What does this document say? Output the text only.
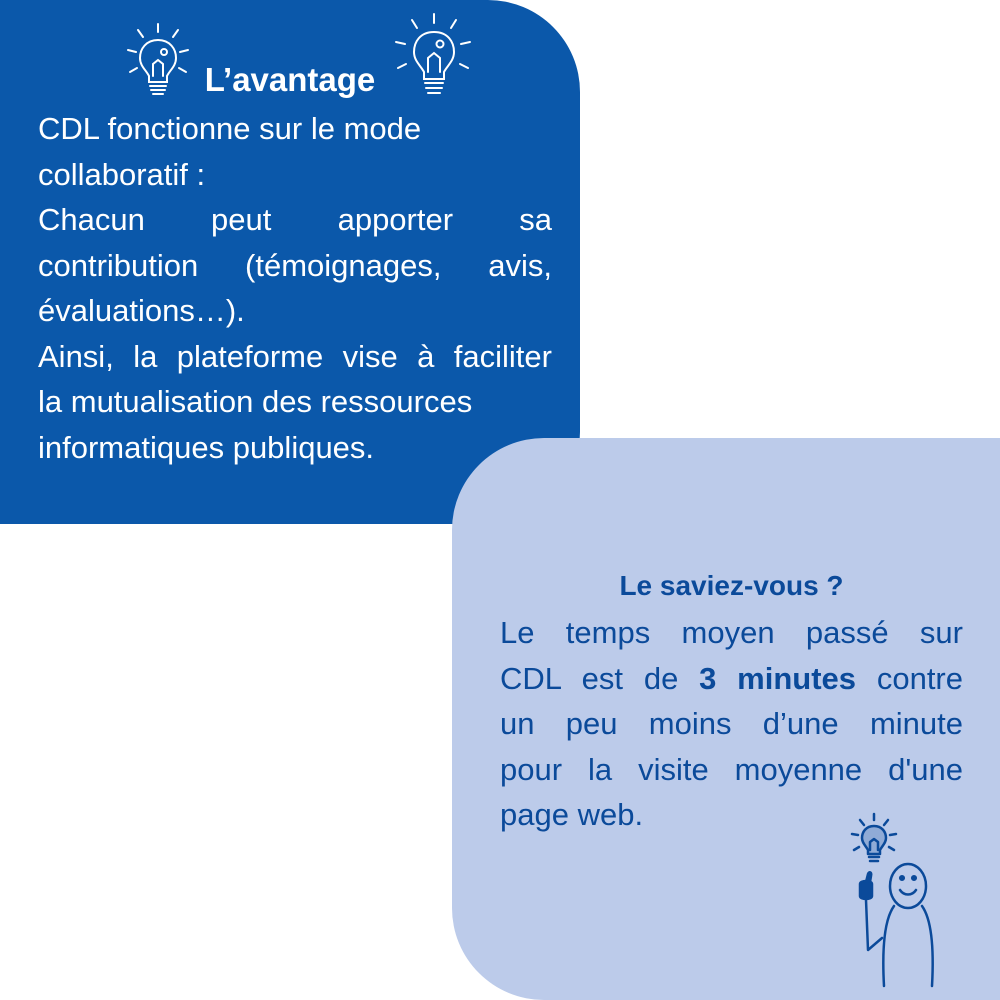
L’avantage

CDL fonctionne sur le mode

collaboratif :

Chacun peut apporter sa

contribution (témoignages, avis,

évaluations…).

Ainsi, la plateforme vise à faciliter

la mutualisation des ressources

informatiques publiques.

Le saviez-vous ?
Le temps moyen passé sur
CDL est de 3 minutes contre
un peu moins d’une minute
pour la visite moyenne d'une
page web.
